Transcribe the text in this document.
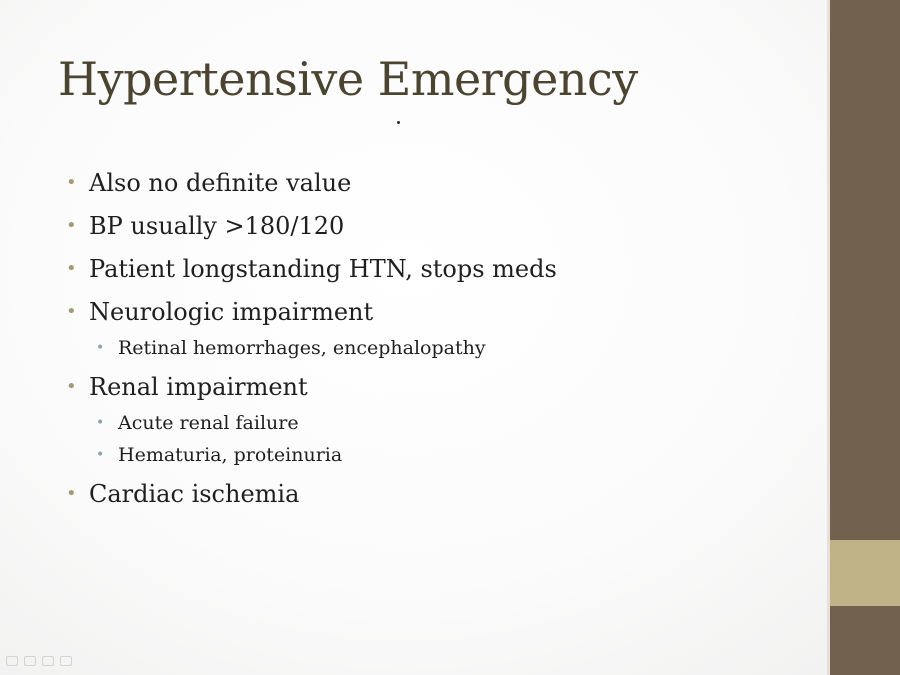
Hypertensive Emergency
• Also no definite value
• BP usually >180/120
• Patient longstanding HTN, stops meds
• Neurologic impairment
• Retinal hemorrhages, encephalopathy
• Renal impairment
• Acute renal failure
• Hematuria, proteinuria
• Cardiac ischemia
